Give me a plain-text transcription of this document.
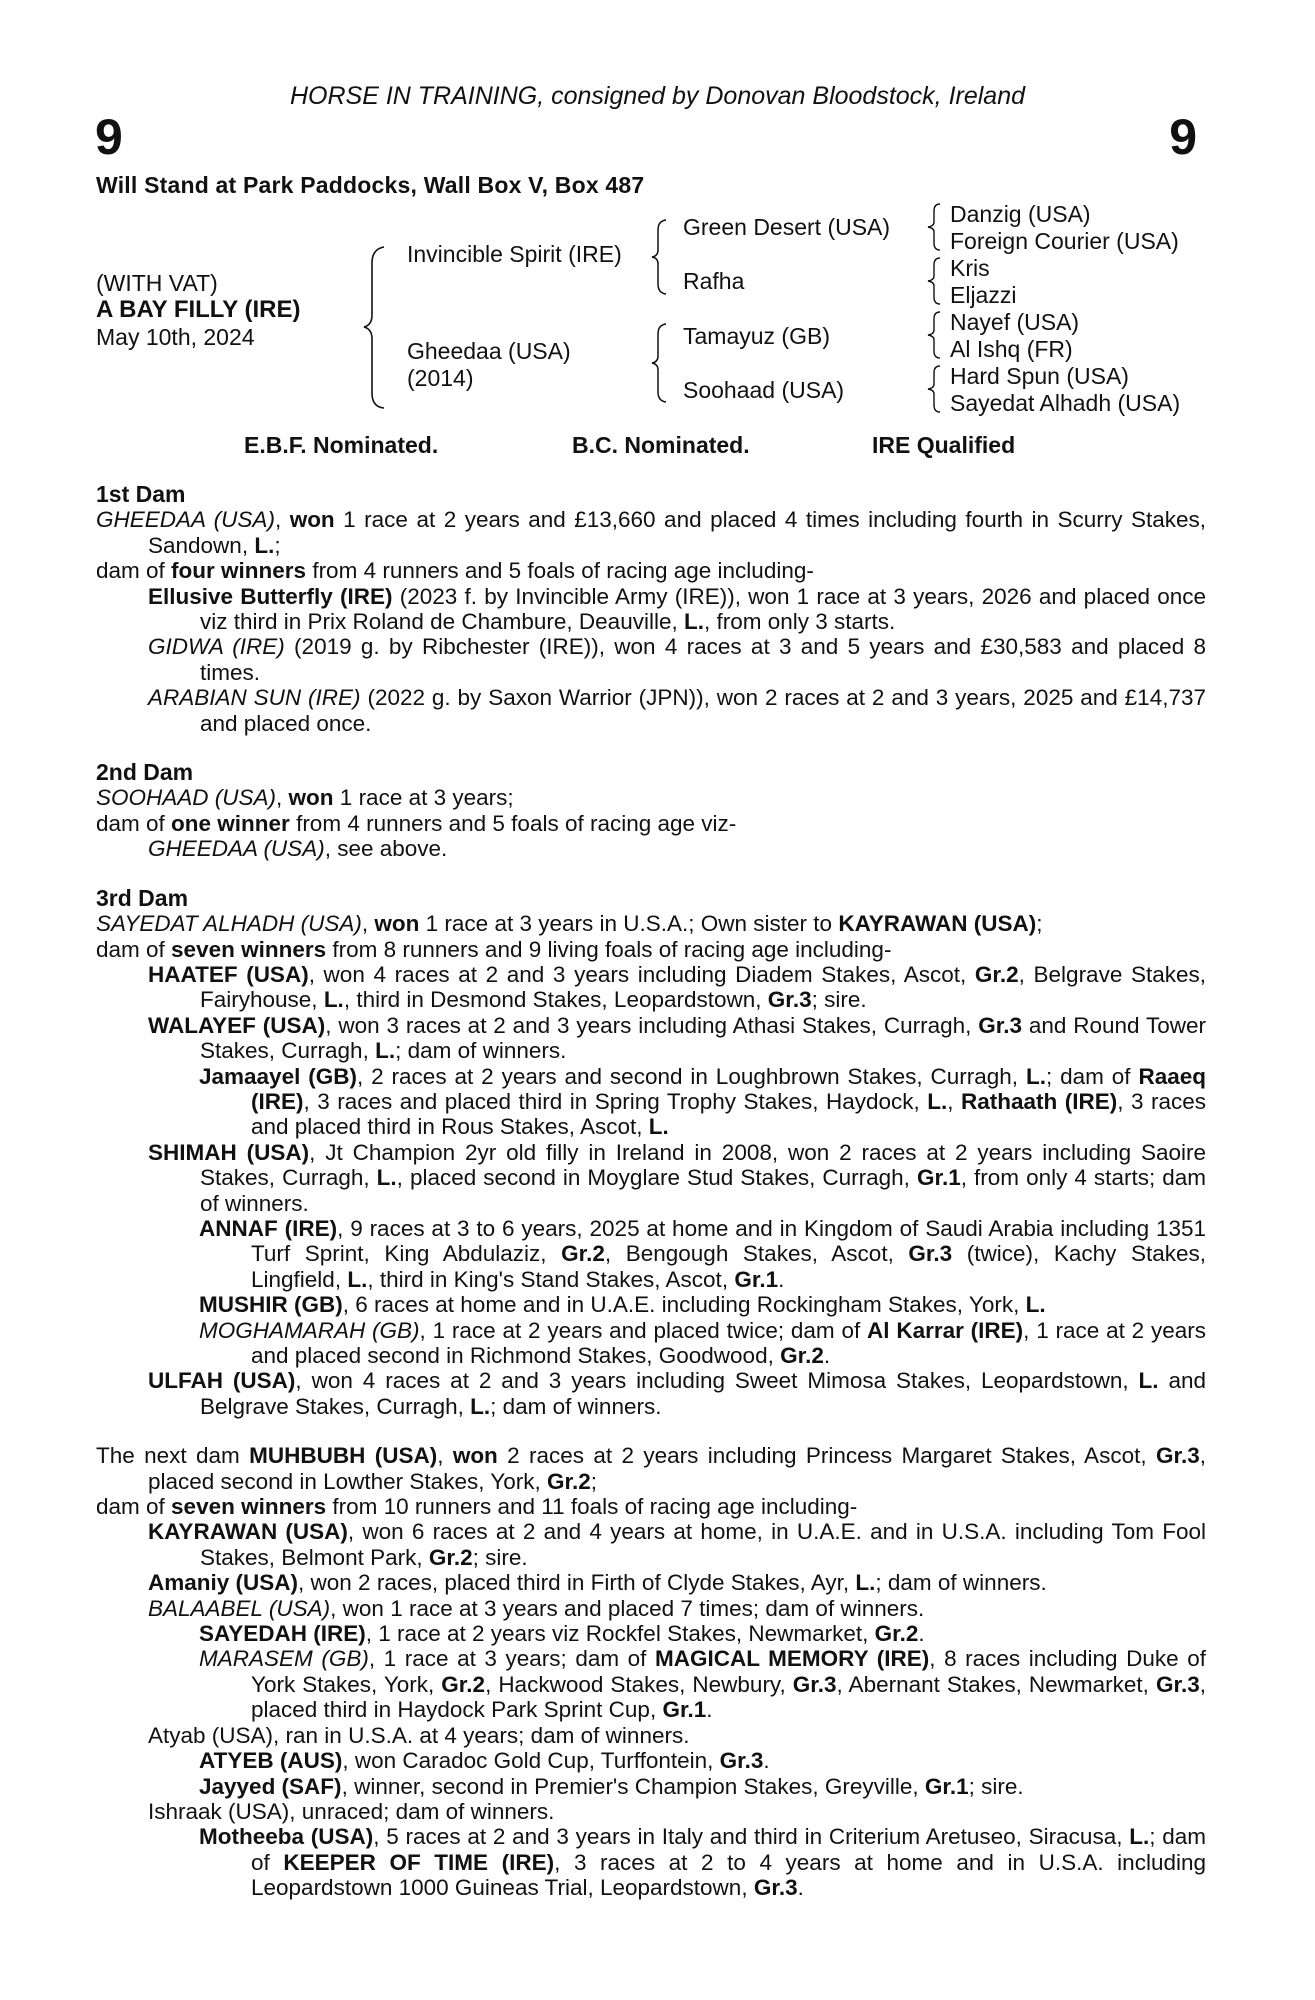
HORSE IN TRAINING, consigned by Donovan Bloodstock, Ireland
9	9
Will Stand at Park Paddocks, Wall Box V, Box 487
(WITH VAT)
A BAY FILLY (IRE)
May 10th, 2024
Invincible Spirit (IRE)
Gheedaa (USA)
(2014)
Green Desert (USA)
Rafha
Tamayuz (GB)
Soohaad (USA)
Danzig (USA)
Foreign Courier (USA)
Kris
Eljazzi
Nayef (USA)
Al Ishq (FR)
Hard Spun (USA)
Sayedat Alhadh (USA)
E.B.F. Nominated.	B.C. Nominated.	IRE Qualified
1st Dam
GHEEDAA (USA), won 1 race at 2 years and £13,660 and placed 4 times including fourth in Scurry Stakes, Sandown, L.;
dam of four winners from 4 runners and 5 foals of racing age including-
Ellusive Butterfly (IRE) (2023 f. by Invincible Army (IRE)), won 1 race at 3 years, 2026 and placed once viz third in Prix Roland de Chambure, Deauville, L., from only 3 starts.
GIDWA (IRE) (2019 g. by Ribchester (IRE)), won 4 races at 3 and 5 years and £30,583 and placed 8 times.
ARABIAN SUN (IRE) (2022 g. by Saxon Warrior (JPN)), won 2 races at 2 and 3 years, 2025 and £14,737 and placed once.
2nd Dam
SOOHAAD (USA), won 1 race at 3 years;
dam of one winner from 4 runners and 5 foals of racing age viz-
GHEEDAA (USA), see above.
3rd Dam
SAYEDAT ALHADH (USA), won 1 race at 3 years in U.S.A.; Own sister to KAYRAWAN (USA);
dam of seven winners from 8 runners and 9 living foals of racing age including-
HAATEF (USA), won 4 races at 2 and 3 years including Diadem Stakes, Ascot, Gr.2, Belgrave Stakes, Fairyhouse, L., third in Desmond Stakes, Leopardstown, Gr.3; sire.
WALAYEF (USA), won 3 races at 2 and 3 years including Athasi Stakes, Curragh, Gr.3 and Round Tower Stakes, Curragh, L.; dam of winners.
Jamaayel (GB), 2 races at 2 years and second in Loughbrown Stakes, Curragh, L.; dam of Raaeq (IRE), 3 races and placed third in Spring Trophy Stakes, Haydock, L., Rathaath (IRE), 3 races and placed third in Rous Stakes, Ascot, L.
SHIMAH (USA), Jt Champion 2yr old filly in Ireland in 2008, won 2 races at 2 years including Saoire Stakes, Curragh, L., placed second in Moyglare Stud Stakes, Curragh, Gr.1, from only 4 starts; dam of winners.
ANNAF (IRE), 9 races at 3 to 6 years, 2025 at home and in Kingdom of Saudi Arabia including 1351 Turf Sprint, King Abdulaziz, Gr.2, Bengough Stakes, Ascot, Gr.3 (twice), Kachy Stakes, Lingfield, L., third in King's Stand Stakes, Ascot, Gr.1.
MUSHIR (GB), 6 races at home and in U.A.E. including Rockingham Stakes, York, L.
MOGHAMARAH (GB), 1 race at 2 years and placed twice; dam of Al Karrar (IRE), 1 race at 2 years and placed second in Richmond Stakes, Goodwood, Gr.2.
ULFAH (USA), won 4 races at 2 and 3 years including Sweet Mimosa Stakes, Leopardstown, L. and Belgrave Stakes, Curragh, L.; dam of winners.
The next dam MUHBUBH (USA), won 2 races at 2 years including Princess Margaret Stakes, Ascot, Gr.3, placed second in Lowther Stakes, York, Gr.2;
dam of seven winners from 10 runners and 11 foals of racing age including-
KAYRAWAN (USA), won 6 races at 2 and 4 years at home, in U.A.E. and in U.S.A. including Tom Fool Stakes, Belmont Park, Gr.2; sire.
Amaniy (USA), won 2 races, placed third in Firth of Clyde Stakes, Ayr, L.; dam of winners.
BALAABEL (USA), won 1 race at 3 years and placed 7 times; dam of winners.
SAYEDAH (IRE), 1 race at 2 years viz Rockfel Stakes, Newmarket, Gr.2.
MARASEM (GB), 1 race at 3 years; dam of MAGICAL MEMORY (IRE), 8 races including Duke of York Stakes, York, Gr.2, Hackwood Stakes, Newbury, Gr.3, Abernant Stakes, Newmarket, Gr.3, placed third in Haydock Park Sprint Cup, Gr.1.
Atyab (USA), ran in U.S.A. at 4 years; dam of winners.
ATYEB (AUS), won Caradoc Gold Cup, Turffontein, Gr.3.
Jayyed (SAF), winner, second in Premier's Champion Stakes, Greyville, Gr.1; sire.
Ishraak (USA), unraced; dam of winners.
Motheeba (USA), 5 races at 2 and 3 years in Italy and third in Criterium Aretuseo, Siracusa, L.; dam of KEEPER OF TIME (IRE), 3 races at 2 to 4 years at home and in U.S.A. including Leopardstown 1000 Guineas Trial, Leopardstown, Gr.3.
